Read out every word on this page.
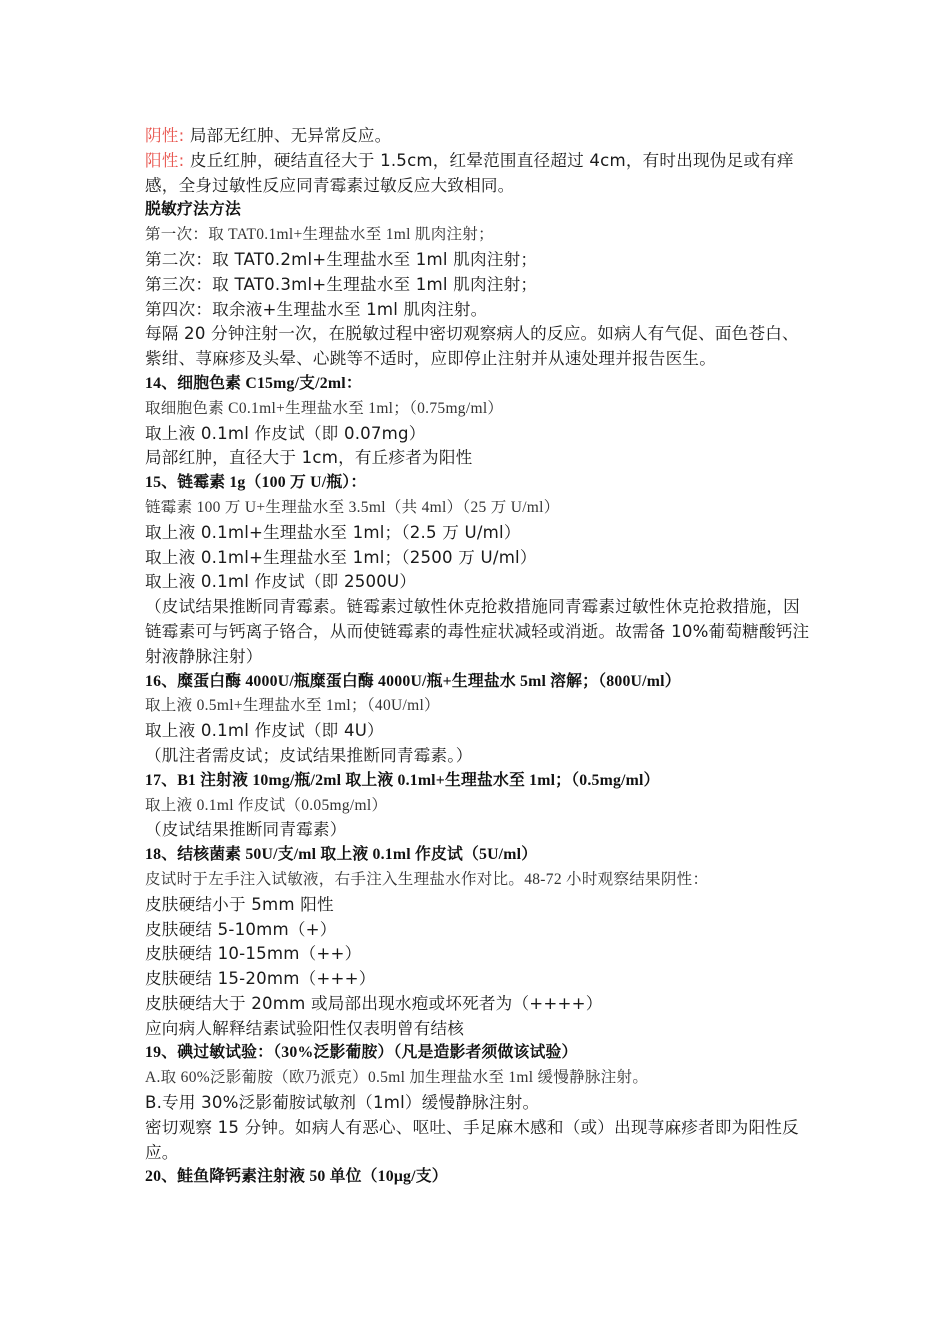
阴性: 局部无红肿、无异常反应。

阳性: 皮丘红肿，硬结直径大于 1.5cm，红晕范围直径超过 4cm，有时出现伪足或有痒感，全身过敏性反应同青霉素过敏反应大致相同。

脱敏疗法方法

第一次：取 TAT0.1ml+生理盐水至 1ml 肌肉注射；

第二次：取 TAT0.2ml+生理盐水至 1ml 肌肉注射；

第三次：取 TAT0.3ml+生理盐水至 1ml 肌肉注射；

第四次：取余液+生理盐水至 1ml 肌肉注射。

每隔 20 分钟注射一次，在脱敏过程中密切观察病人的反应。如病人有气促、面色苍白、紫绀、荨麻疹及头晕、心跳等不适时，应即停止注射并从速处理并报告医生。

14、细胞色素 C15mg/支/2ml：

取细胞色素 C0.1ml+生理盐水至 1ml；（0.75mg/ml）

取上液 0.1ml 作皮试（即 0.07mg）

局部红肿，直径大于 1cm，有丘疹者为阳性

15、链霉素 1g（100 万 U/瓶）：

链霉素 100 万 U+生理盐水至 3.5ml（共 4ml）（25 万 U/ml）

取上液 0.1ml+生理盐水至 1ml；（2.5 万 U/ml）

取上液 0.1ml+生理盐水至 1ml；（2500 万 U/ml）

取上液 0.1ml 作皮试（即 2500U）

（皮试结果推断同青霉素。链霉素过敏性休克抢救措施同青霉素过敏性休克抢救措施，因链霉素可与钙离子铬合，从而使链霉素的毒性症状减轻或消逝。故需备 10%葡萄糖酸钙注射液静脉注射）

16、糜蛋白酶 4000U/瓶糜蛋白酶 4000U/瓶+生理盐水 5ml 溶解；（800U/ml）

取上液 0.5ml+生理盐水至 1ml；（40U/ml）

取上液 0.1ml 作皮试（即 4U）

（肌注者需皮试；皮试结果推断同青霉素。）

17、B1 注射液 10mg/瓶/2ml 取上液 0.1ml+生理盐水至 1ml；（0.5mg/ml）

取上液 0.1ml 作皮试（0.05mg/ml）

（皮试结果推断同青霉素）

18、结核菌素 50U/支/ml 取上液 0.1ml 作皮试（5U/ml）

皮试时于左手注入试敏液，右手注入生理盐水作对比。48-72 小时观察结果阴性：

皮肤硬结小于 5mm 阳性

皮肤硬结 5-10mm（+）

皮肤硬结 10-15mm（++）

皮肤硬结 15-20mm（+++）

皮肤硬结大于 20mm 或局部出现水疱或坏死者为（++++）

应向病人解释结素试验阳性仅表明曾有结核

19、碘过敏试验：（30%泛影葡胺）（凡是造影者须做该试验）

A.取 60%泛影葡胺（欧乃派克）0.5ml 加生理盐水至 1ml 缓慢静脉注射。

B.专用 30%泛影葡胺试敏剂（1ml）缓慢静脉注射。

密切观察 15 分钟。如病人有恶心、呕吐、手足麻木感和（或）出现荨麻疹者即为阳性反应。

20、鲑鱼降钙素注射液 50 单位（10μg/支）
